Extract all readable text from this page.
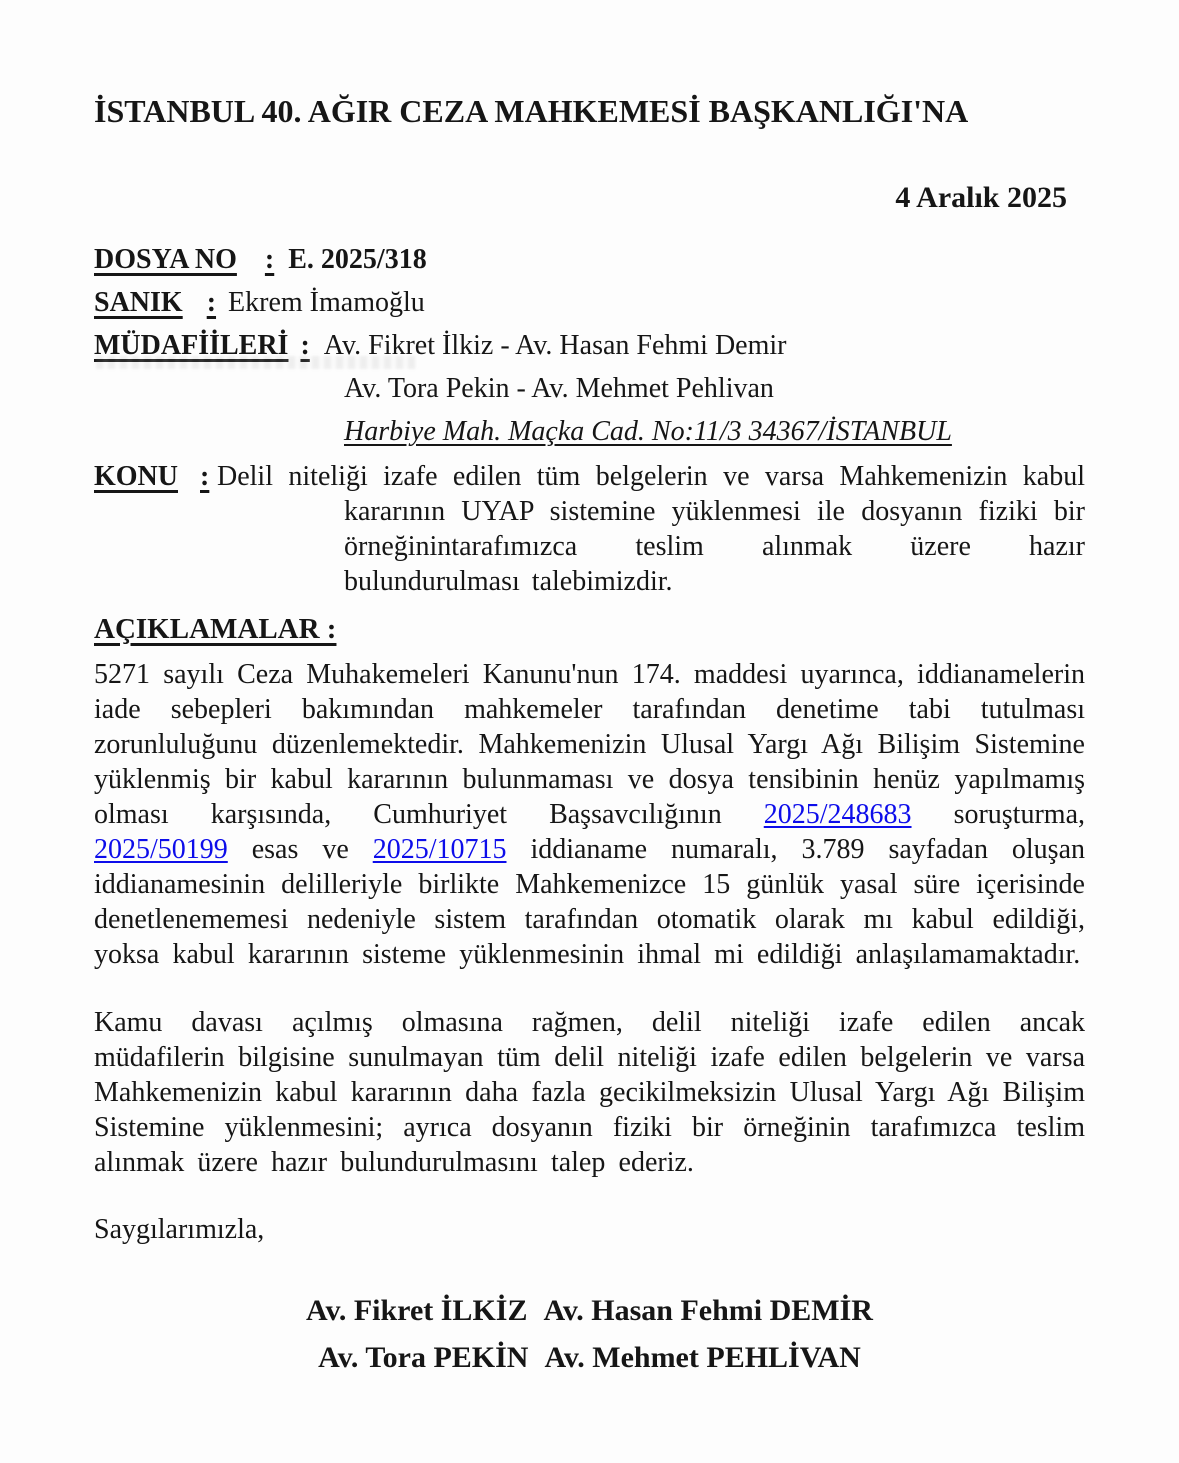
İSTANBUL 40. AĞIR CEZA MAHKEMESİ BAŞKANLIĞI'NA
4 Aralık 2025
DOSYA NO : E. 2025/318
SANIK : Ekrem İmamoğlu
MÜDAFİİLERİ : Av. Fikret İlkiz - Av. Hasan Fehmi Demir
Av. Tora Pekin - Av. Mehmet Pehlivan
Harbiye Mah. Maçka Cad. No:11/3 34367/İSTANBUL
KONU : Delil niteliği izafe edilen tüm belgelerin ve varsa Mahkemenizin kabul kararının UYAP sistemine yüklenmesi ile dosyanın fiziki bir örneğinintarafımızca teslim alınmak üzere hazır bulundurulması talebimizdir.
AÇIKLAMALAR :
5271 sayılı Ceza Muhakemeleri Kanunu'nun 174. maddesi uyarınca, iddianamelerin iade sebepleri bakımından mahkemeler tarafından denetime tabi tutulması zorunluluğunu düzenlemektedir. Mahkemenizin Ulusal Yargı Ağı Bilişim Sistemine yüklenmiş bir kabul kararının bulunmaması ve dosya tensibinin henüz yapılmamış olması karşısında, Cumhuriyet Başsavcılığının 2025/248683 soruşturma, 2025/50199 esas ve 2025/10715 iddianame numaralı, 3.789 sayfadan oluşan iddianamesinin delilleriyle birlikte Mahkemenizce 15 günlük yasal süre içerisinde denetlenememesi nedeniyle sistem tarafından otomatik olarak mı kabul edildiği, yoksa kabul kararının sisteme yüklenmesinin ihmal mi edildiği anlaşılamamaktadır.
Kamu davası açılmış olmasına rağmen, delil niteliği izafe edilen ancak müdafilerin bilgisine sunulmayan tüm delil niteliği izafe edilen belgelerin ve varsa Mahkemenizin kabul kararının daha fazla gecikilmeksizin Ulusal Yargı Ağı Bilişim Sistemine yüklenmesini; ayrıca dosyanın fiziki bir örneğinin tarafımızca teslim alınmak üzere hazır bulundurulmasını talep ederiz.
Saygılarımızla,
Av. Fikret İLKİZ Av. Hasan Fehmi DEMİR
Av. Tora PEKİN Av. Mehmet PEHLİVAN
